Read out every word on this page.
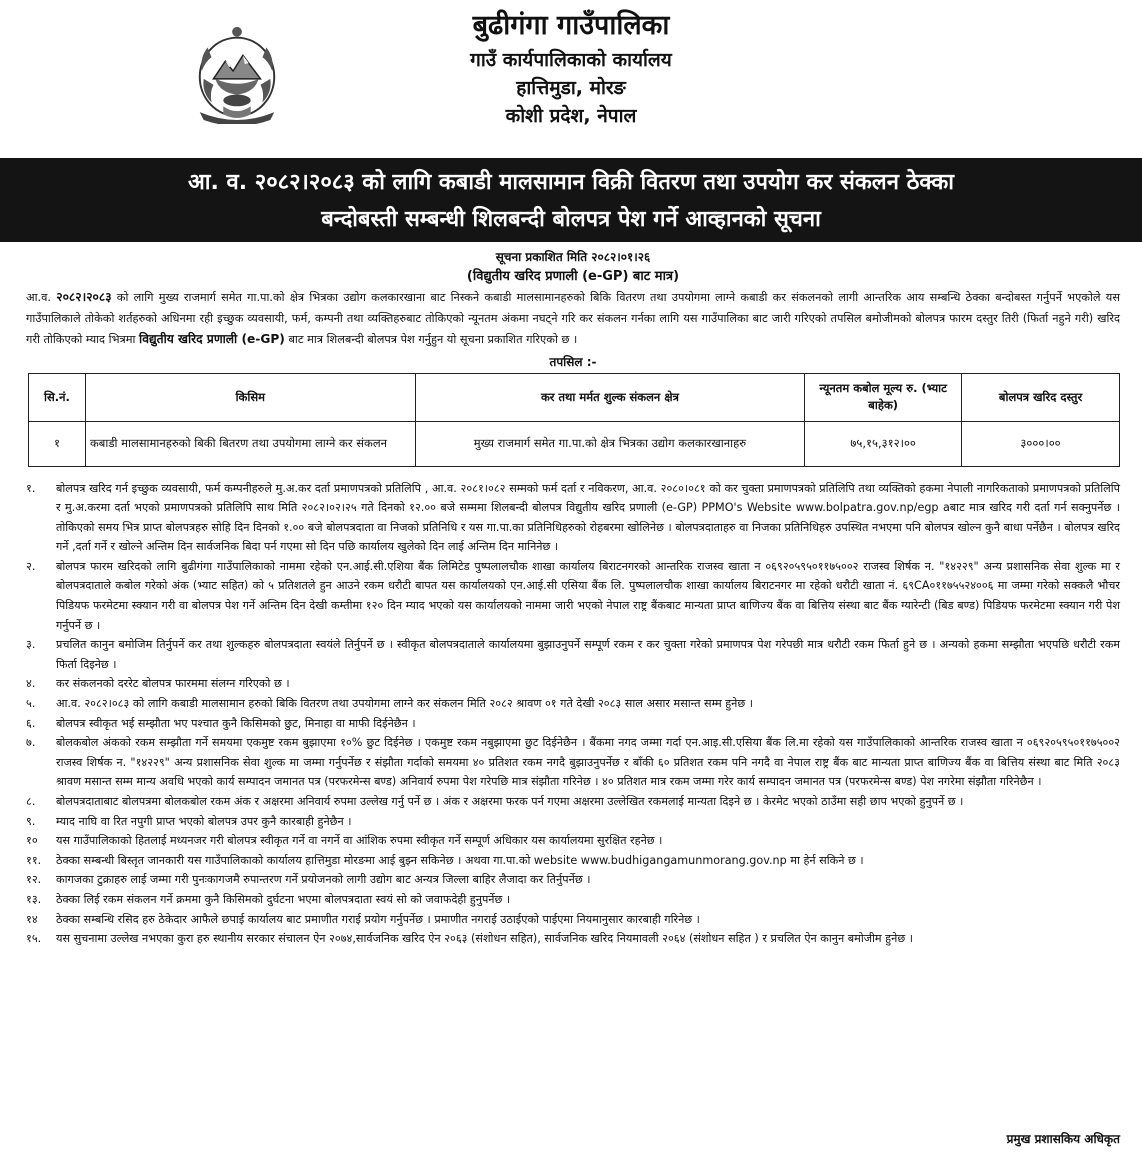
बुढीगंगा गाउँपालिका
गाउँ कार्यपालिकाको कार्यालय
हात्तिमुडा, मोरङ
कोशी प्रदेश, नेपाल
आ. व. २०८२।२०८३ को लागि कबाडी मालसामान विक्री वितरण तथा उपयोग कर संकलन ठेक्का
बन्दोबस्ती सम्बन्धी शिलबन्दी बोलपत्र पेश गर्ने आव्हानको सूचना
सूचना प्रकाशित मिति २०८२।०१।२६
(विद्युतीय खरिद प्रणाली (e-GP) बाट मात्र)

आ.व. २०८२।२०८३ को लागि मुख्य राजमार्ग समेत गा.पा.को क्षेत्र भित्रका उद्योग कलकारखाना बाट निस्कने कबाडी मालसामानहरुको बिकि वितरण तथा उपयोगमा लाग्ने कबाडी कर संकलनको लागी आन्तरिक आय सम्बन्धि ठेक्का बन्दोबस्त गर्नुपर्ने भएकोले यस गाउँपालिकाले तोकेको शर्तहरुको अधिनमा रही इच्छुक व्यवसायी, फर्म, कम्पनी तथा व्यक्तिहरुबाट तोकिएको न्यूनतम अंकमा नघट्ने गरि कर संकलन गर्नका लागि यस गाउँपालिका बाट जारी गरिएको तपसिल बमोजीमको बोलपत्र फारम दस्तुर तिरी (फिर्ता नहुने गरी) खरिद गरी तोकिएको म्याद भित्रमा विद्युतीय खरिद प्रणाली (e-GP) बाट मात्र शिलबन्दी बोलपत्र पेश गर्नुहुन यो सूचना प्रकाशित गरिएको छ ।

तपसिल :-
सि.नं.	किसिम	कर तथा मर्मत शुल्क संकलन क्षेत्र	न्यूनतम कबोल मूल्य रु. (भ्याट बाहेक)	बोलपत्र खरिद दस्तुर
१	कबाडी मालसामानहरुको बिकी बितरण तथा उपयोगमा लाग्ने कर संकलन	मुख्य राजमार्ग समेत गा.पा.को क्षेत्र भित्रका उद्योग कलकारखानाहरु	७५,१५,३१२।००	३०००।००
१.	बोलपत्र खरिद गर्न इच्छुक व्यवसायी, फर्म कम्पनीहरुले मु.अ.कर दर्ता प्रमाणपत्रको प्रतिलिपि , आ.व. २०८१।०८२ सम्मको फर्म दर्ता र नविकरण, आ.व. २०८०।०८१ को कर चुक्ता प्रमाणपत्रको प्रतिलिपि तथा व्यक्तिको हकमा नेपाली नागरिकताको प्रमाणपत्रको प्रतिलिपि र मु.अ.करमा दर्ता भएको प्रमाणपत्रको प्रतिलिपि साथ मिति २०८२।०२।२५ गते दिनको १२.०० बजे सम्ममा शिलबन्दी बोलपत्र विद्युतीय खरिद प्रणाली (e-GP) PPMO's Website www.bolpatra.gov.np/egp aबाट मात्र खरिद गरी दर्ता गर्न सक्नुपर्नेछ । तोकिएको समय भित्र प्राप्त बोलपत्रहरु सोहि दिन दिनको १.०० बजे बोलपत्रदाता वा निजको प्रतिनिधि र यस गा.पा.का प्रतिनिधिहरुको रोहबरमा खोलिनेछ । बोलपत्रदाताहरु वा निजका प्रतिनिधिहरु उपस्थित नभएमा पनि बोलपत्र खोल्न कुनै बाधा पर्नेछैन । बोलपत्र खरिद गर्ने ,दर्ता गर्ने र खोल्ने अन्तिम दिन सार्वजनिक बिदा पर्न गएमा सो दिन पछि कार्यालय खुलेको दिन लाई अन्तिम दिन मानिनेछ ।
२.	बोलपत्र फारम खरिदको लागि बुढीगंगा गाउँपालिकाको नाममा रहेको एन.आई.सी.एशिया बैंक लिमिटेड पुष्पलालचौक शाखा कार्यालय बिराटनगरको आन्तरिक राजस्व खाता न ०६९२०५९५०११७५००२ राजस्व शिर्षक न. "१४२२९" अन्य प्रशासनिक सेवा शुल्क मा र बोलपत्रदाताले कबोल गरेको अंक (भ्याट सहित) को ५ प्रतिशतले हुन आउने रकम धरौटी बापत यस कार्यालयको एन.आई.सी एसिया बैंक लि. पुष्पलालचौक शाखा कार्यालय बिराटनगर मा रहेको धरौटी खाता नं. ६९CA०११७५५२४००६ मा जम्मा गरेको सक्कलै भौचर पिडियफ फरमेटमा स्क्यान गरी वा बोलपत्र पेश गर्ने अन्तिम दिन देखी कम्तीमा १२० दिन म्याद भएको यस कार्यालयको नाममा जारी भएको नेपाल राष्ट्र बैंकबाट मान्यता प्राप्त बाणिज्य बैंक वा बित्तिय संस्था बाट बैंक ग्यारेन्टी (बिड बण्ड) पिडियफ फरमेटमा स्क्यान गरी पेश गर्नुपर्ने छ ।
३.	प्रचलित कानुन बमोजिम तिर्नुपर्ने कर तथा शुल्कहरु बोलपत्रदाता स्वयंले तिर्नुपर्ने छ । स्वीकृत बोलपत्रदाताले कार्यालयमा बुझाउनुपर्ने सम्पूर्ण रकम र कर चुक्ता गरेको प्रमाणपत्र पेश गरेपछी मात्र धरौटी रकम फिर्ता हुने छ । अन्यको हकमा सम्झौता भएपछि धरौटी रकम फिर्ता दिइनेछ ।
४.	कर संकलनको दररेट बोलपत्र फारममा संलग्न गरिएको छ ।
५.	आ.व. २०८२।०८३ को लागि कबाडी मालसामान हरुको बिकि वितरण तथा उपयोगमा लाग्ने कर संकलन मिति २०८२ श्रावण ०१ गते देखी २०८३ साल असार मसान्त सम्म हुनेछ ।
६.	बोलपत्र स्वीकृत भई सम्झौता भए पश्चात कुनै किसिमको छुट, मिनाहा वा माफी दिईनेछैन ।
७.	बोलकबोल अंकको रकम सम्झौता गर्ने समयमा एकमुष्ट रकम बुझाएमा १०% छुट दिईनेछ । एकमुष्ट रकम नबुझाएमा छुट दिईनेछैन । बैंकमा नगद जम्मा गर्दा एन.आइ.सी.एसिया बैंक लि.मा रहेको यस गाउँपालिकाको आन्तरिक राजस्व खाता न ०६९२०५९५०११७५००२ राजस्व शिर्षक न. "१४२२९" अन्य प्रशासनिक सेवा शुल्क मा जम्मा गर्नुपर्नेछ र संझौता गर्दाको समयमा ४० प्रतिशत रकम नगदै बुझाउनुपर्नेछ र बाँकी ६० प्रतिशत रकम पनि नगदै वा नेपाल राष्ट्र बैंक बाट मान्यता प्राप्त बाणिज्य बैंक वा बित्तिय संस्था बाट मिति २०८३ श्रावण मसान्त सम्म मान्य अवधि भएको कार्य सम्पादन जमानत पत्र (परफरमेन्स बण्ड) अनिवार्य रुपमा पेश गरेपछि मात्र संझौता गरिनेछ । ४० प्रतिशत मात्र रकम जम्मा गरेर कार्य सम्पादन जमानत पत्र (परफरमेन्स बण्ड) पेश नगरेमा संझौता गरिनेछैन ।
८.	बोलपत्रदाताबाट बोलपत्रमा बोलकबोल रकम अंक र अक्षरमा अनिवार्य रुपमा उल्लेख गर्नु पर्ने छ । अंक र अक्षरमा फरक पर्न गएमा अक्षरमा उल्लेखित रकमलाई मान्यता दिइने छ । केरमेट भएको ठाउँमा सही छाप भएको हुनुपर्ने छ ।
९.	म्याद नाघि वा रित नपुगी प्राप्त भएको बोलपत्र उपर कुनै कारबाही हुनेछैन ।
१०	यस गाउँपालिकाको हितलाई मध्यनजर गरी बोलपत्र स्वीकृत गर्ने वा नगर्ने वा आंशिक रुपमा स्वीकृत गर्ने सम्पूर्ण अधिकार यस कार्यालयमा सुरक्षित रहनेछ ।
११.	ठेक्का सम्बन्धी बिस्तृत जानकारी यस गाउँपालिकाको कार्यालय हात्तिमुडा मोरङमा आई बुझ्न सकिनेछ । अथवा गा.पा.को website www.budhigangamunmorang.gov.np मा हेर्न सकिने छ ।
१२.	कागजका टुक्राहरु लाई जम्मा गरी पुनःकागजमै रुपान्तरण गर्ने प्रयोजनको लागी उद्योग बाट अन्यत्र जिल्ला बाहिर लैजादा कर तिर्नुपर्नेछ ।
१३.	ठेक्का लिई रकम संकलन गर्ने क्रममा कुनै किसिमको दुर्घटना भएमा बोलपत्रदाता स्वयं सो को जवाफदेही हुनुपर्नेछ ।
१४	ठेक्का सम्बन्धि रसिद हरु ठेकेदार आफैले छपाई कार्यालय बाट प्रमाणीत गराई प्रयोग गर्नुपर्नेछ । प्रमाणीत नगराई उठाईएको पाईएमा नियमानुसार कारबाही गरिनेछ ।
१५.	यस सुचनामा उल्लेख नभएका कुरा हरु स्थानीय सरकार संचालन ऐन २०७४,सार्वजनिक खरिद ऐन २०६३ (संशोधन सहित), सार्वजनिक खरिद नियमावली २०६४ (संशोधन सहित ) र प्रचलित ऐन कानुन बमोजीम हुनेछ ।
प्रमुख प्रशासकिय अधिकृत
